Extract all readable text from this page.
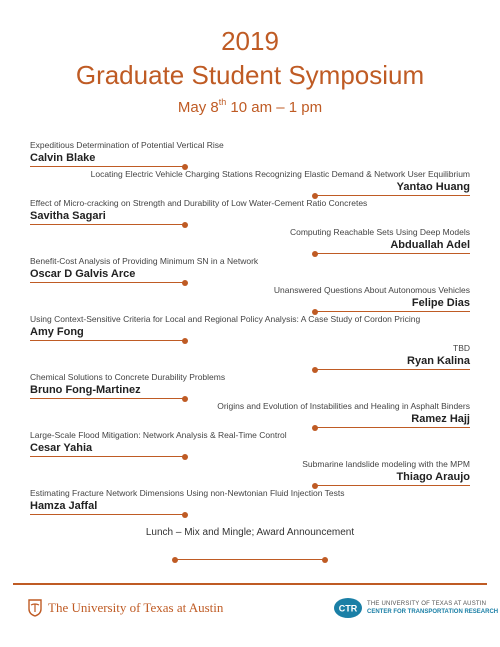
2019
Graduate Student Symposium
May 8th 10 am – 1 pm
Expeditious Determination of Potential Vertical Rise
Calvin Blake
Locating Electric Vehicle Charging Stations Recognizing Elastic Demand & Network User Equilibrium
Yantao Huang
Effect of Micro-cracking on Strength and Durability of Low Water-Cement Ratio Concretes
Savitha Sagari
Computing Reachable Sets Using Deep Models
Abduallah Adel
Benefit-Cost Analysis of Providing Minimum SN in a Network
Oscar D Galvis Arce
Unanswered Questions About Autonomous Vehicles
Felipe Dias
Using Context-Sensitive Criteria for Local and Regional Policy Analysis: A Case Study of Cordon Pricing
Amy Fong
TBD
Ryan Kalina
Chemical Solutions to Concrete Durability Problems
Bruno Fong-Martinez
Origins and Evolution of Instabilities and Healing in Asphalt Binders
Ramez Hajj
Large-Scale Flood Mitigation: Network Analysis & Real-Time Control
Cesar Yahia
Submarine landslide modeling with the MPM
Thiago Araujo
Estimating Fracture Network Dimensions Using non-Newtonian Fluid Injection Tests
Hamza Jaffal
Lunch – Mix and Mingle; Award Announcement
The University of Texas at Austin	CTR THE UNIVERSITY OF TEXAS AT AUSTIN
CENTER FOR TRANSPORTATION RESEARCH
